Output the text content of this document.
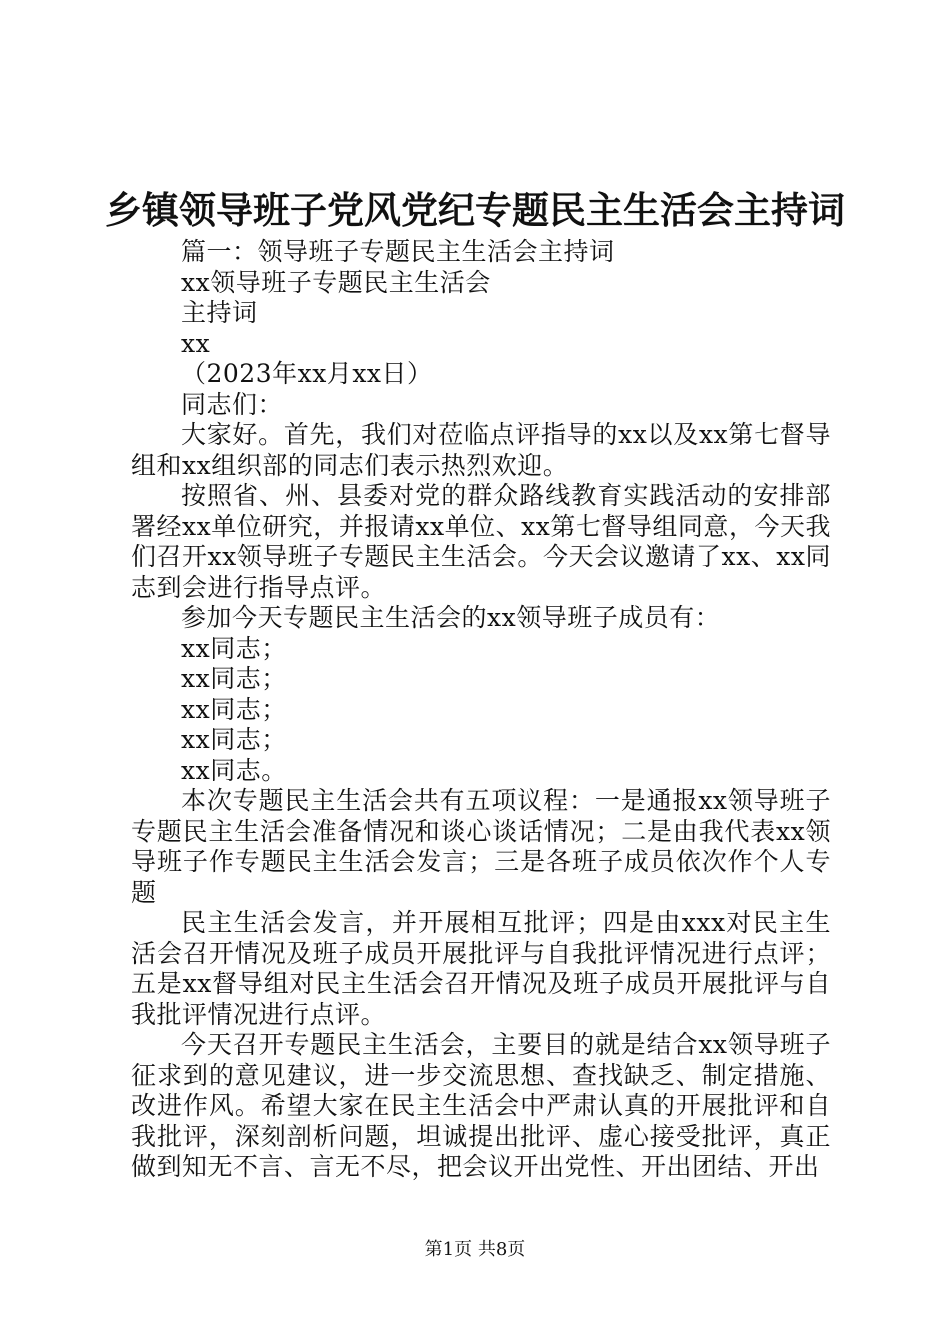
乡镇领导班子党风党纪专题民主生活会主持词

篇一：领导班子专题民主生活会主持词

xx领导班子专题民主生活会

主持词

xx

（2023年xx月xx日）

同志们：

大家好。首先，我们对莅临点评指导的xx以及xx第七督导组和xx组织部的同志们表示热烈欢迎。

按照省、州、县委对党的群众路线教育实践活动的安排部署经xx单位研究，并报请xx单位、xx第七督导组同意，今天我们召开xx领导班子专题民主生活会。今天会议邀请了xx、xx同志到会进行指导点评。

参加今天专题民主生活会的xx领导班子成员有：

xx同志；

xx同志；

xx同志；

xx同志；

xx同志。

本次专题民主生活会共有五项议程：一是通报xx领导班子专题民主生活会准备情况和谈心谈话情况；二是由我代表xx领导班子作专题民主生活会发言；三是各班子成员依次作个人专题

民主生活会发言，并开展相互批评；四是由xxx对民主生活会召开情况及班子成员开展批评与自我批评情况进行点评；五是xx督导组对民主生活会召开情况及班子成员开展批评与自我批评情况进行点评。

今天召开专题民主生活会，主要目的就是结合xx领导班子征求到的意见建议，进一步交流思想、查找缺乏、制定措施、改进作风。希望大家在民主生活会中严肃认真的开展批评和自我批评，深刻剖析问题，坦诚提出批评、虚心接受批评，真正做到知无不言、言无不尽，把会议开出党性、开出团结、开出

第1页 共8页
